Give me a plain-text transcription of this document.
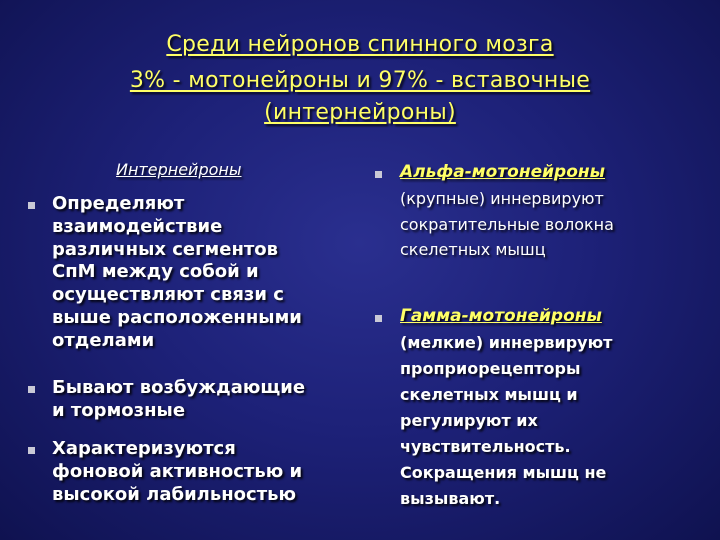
Среди нейронов спинного мозга
3% - мотонейроны и 97% - вставочные
(интернейроны)
Интернейроны
Определяют
взаимодействие
различных сегментов
СпМ между собой и
осуществляют связи с
выше расположенными
отделами
Бывают возбуждающие
и тормозные
Характеризуются
фоновой активностью и
высокой лабильностью
Альфа-мотонейроны
(крупные) иннервируют
сократительные волокна
скелетных мышц
Гамма-мотонейроны
(мелкие) иннервируют
проприорецепторы
скелетных мышц и
регулируют их
чувствительность.
Сокращения мышц не
вызывают.
